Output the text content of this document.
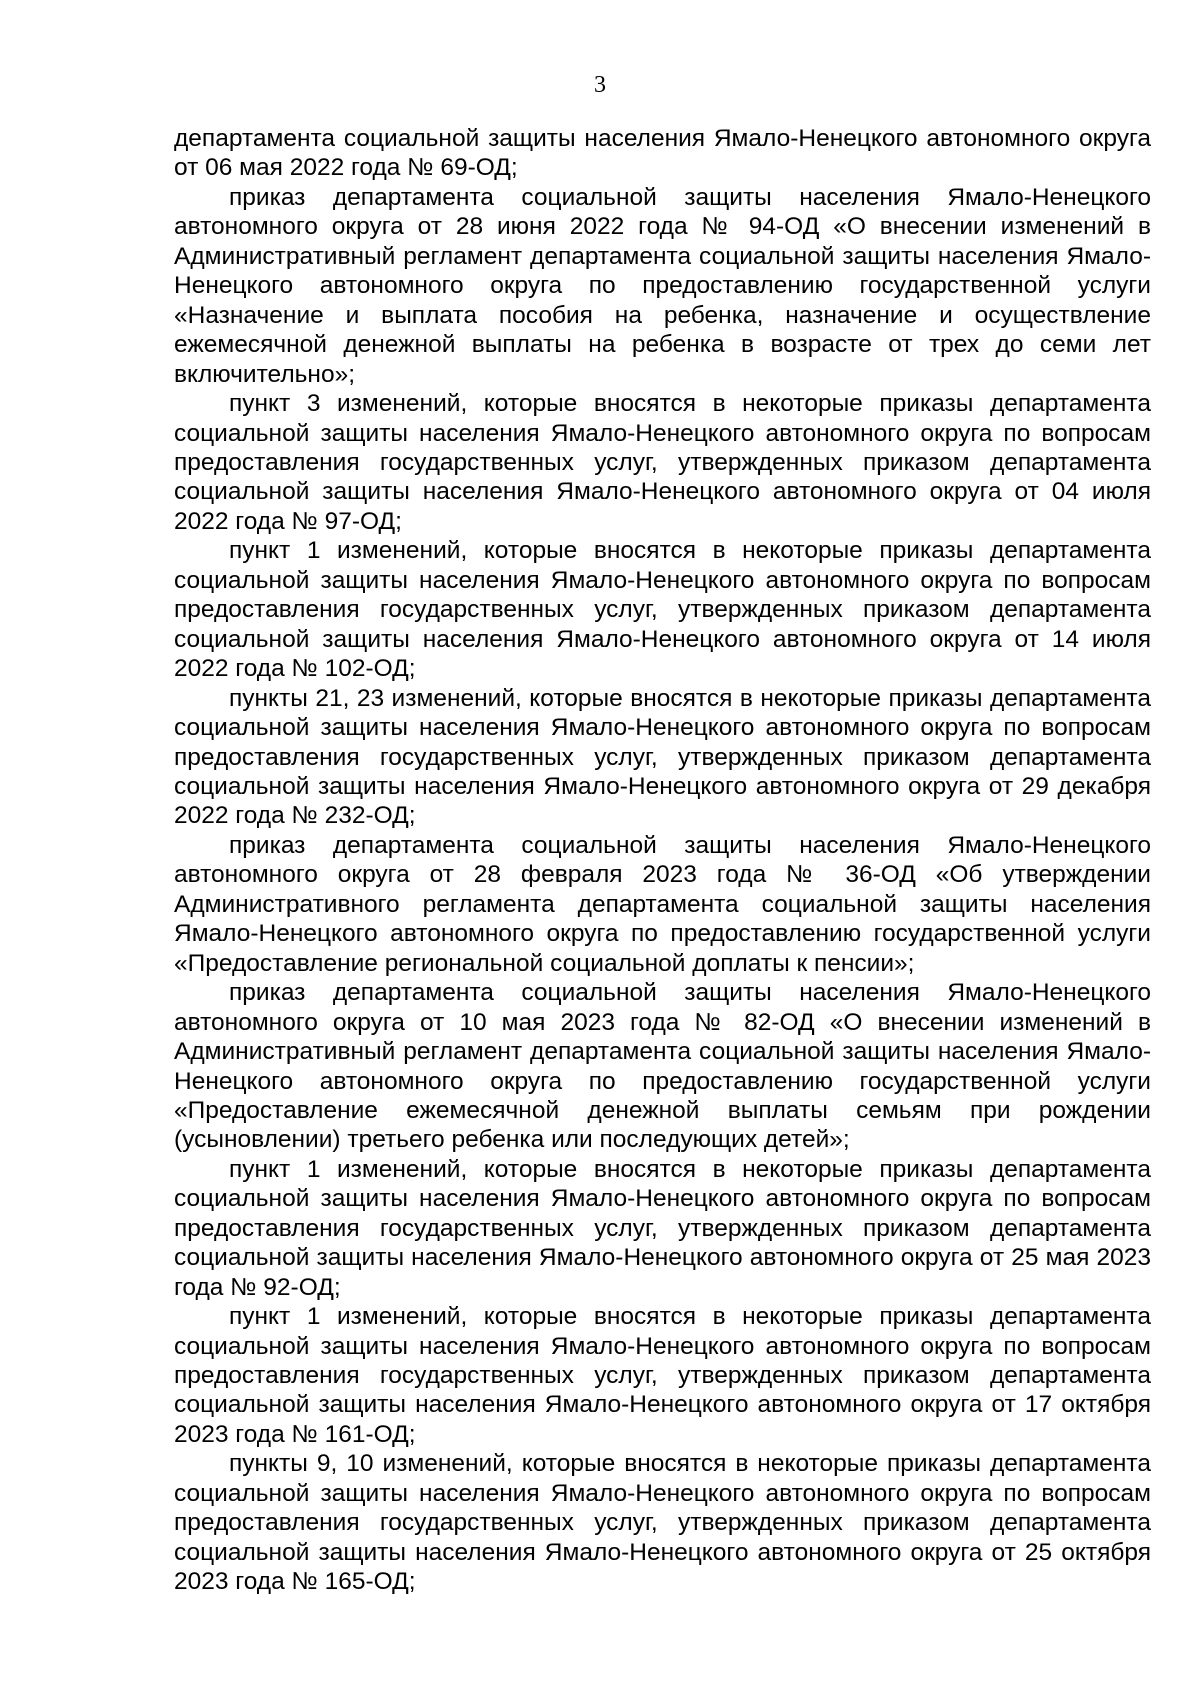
3

департамента социальной защиты населения Ямало-Ненецкого автономного округа от 06 мая 2022 года № 69-ОД;

приказ департамента социальной защиты населения Ямало-Ненецкого автономного округа от 28 июня 2022 года № 94-ОД «О внесении изменений в Административный регламент департамента социальной защиты населения Ямало-Ненецкого автономного округа по предоставлению государственной услуги «Назначение и выплата пособия на ребенка, назначение и осуществление ежемесячной денежной выплаты на ребенка в возрасте от трех до семи лет включительно»;

пункт 3 изменений, которые вносятся в некоторые приказы департамента социальной защиты населения Ямало-Ненецкого автономного округа по вопросам предоставления государственных услуг, утвержденных приказом департамента социальной защиты населения Ямало-Ненецкого автономного округа от 04 июля 2022 года № 97-ОД;

пункт 1 изменений, которые вносятся в некоторые приказы департамента социальной защиты населения Ямало-Ненецкого автономного округа по вопросам предоставления государственных услуг, утвержденных приказом департамента социальной защиты населения Ямало-Ненецкого автономного округа от 14 июля 2022 года № 102-ОД;

пункты 21, 23 изменений, которые вносятся в некоторые приказы департамента социальной защиты населения Ямало-Ненецкого автономного округа по вопросам предоставления государственных услуг, утвержденных приказом департамента социальной защиты населения Ямало-Ненецкого автономного округа от 29 декабря 2022 года № 232-ОД;

приказ департамента социальной защиты населения Ямало-Ненецкого автономного округа от 28 февраля 2023 года № 36-ОД «Об утверждении Административного регламента департамента социальной защиты населения Ямало-Ненецкого автономного округа по предоставлению государственной услуги «Предоставление региональной социальной доплаты к пенсии»;

приказ департамента социальной защиты населения Ямало-Ненецкого автономного округа от 10 мая 2023 года № 82-ОД «О внесении изменений в Административный регламент департамента социальной защиты населения Ямало-Ненецкого автономного округа по предоставлению государственной услуги «Предоставление ежемесячной денежной выплаты семьям при рождении (усыновлении) третьего ребенка или последующих детей»;

пункт 1 изменений, которые вносятся в некоторые приказы департамента социальной защиты населения Ямало-Ненецкого автономного округа по вопросам предоставления государственных услуг, утвержденных приказом департамента социальной защиты населения Ямало-Ненецкого автономного округа от 25 мая 2023 года № 92-ОД;

пункт 1 изменений, которые вносятся в некоторые приказы департамента социальной защиты населения Ямало-Ненецкого автономного округа по вопросам предоставления государственных услуг, утвержденных приказом департамента социальной защиты населения Ямало-Ненецкого автономного округа от 17 октября 2023 года № 161-ОД;

пункты 9, 10 изменений, которые вносятся в некоторые приказы департамента социальной защиты населения Ямало-Ненецкого автономного округа по вопросам предоставления государственных услуг, утвержденных приказом департамента социальной защиты населения Ямало-Ненецкого автономного округа от 25 октября 2023 года № 165-ОД;
